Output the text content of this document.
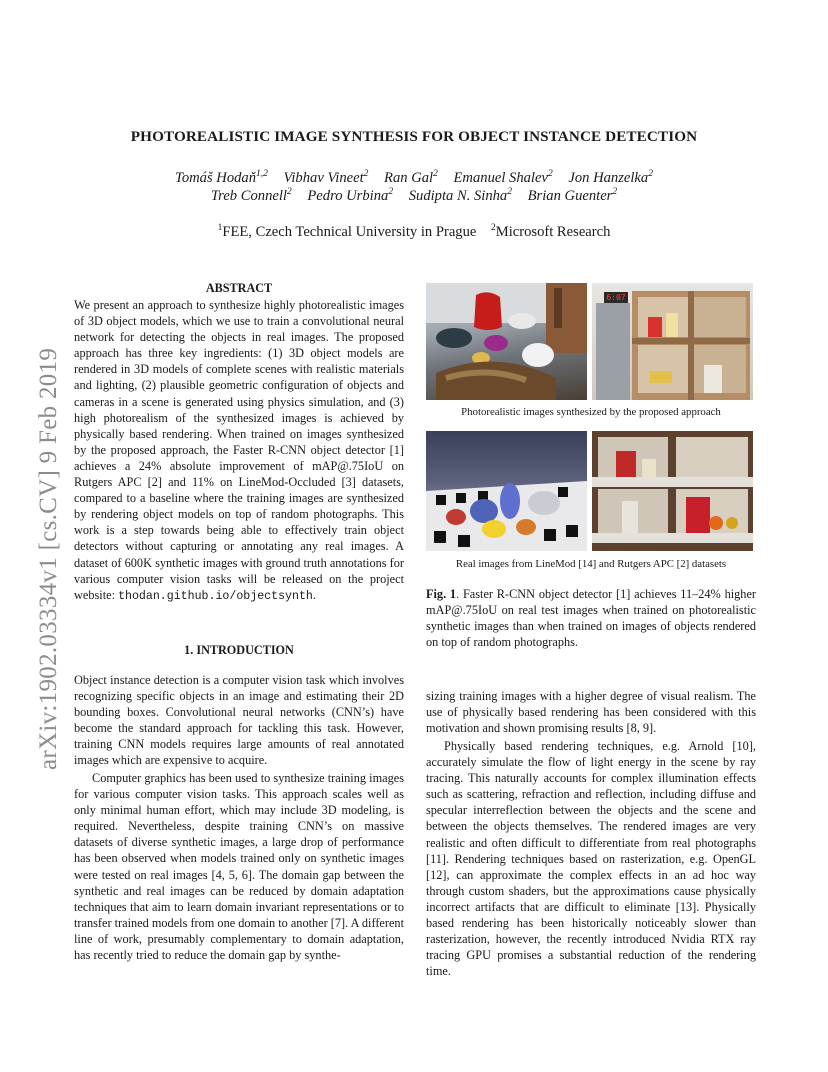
arXiv:1902.03334v1 [cs.CV] 9 Feb 2019
PHOTOREALISTIC IMAGE SYNTHESIS FOR OBJECT INSTANCE DETECTION
Tomáš Hodaň$^{1,2}$ Vibhav Vineet$^2$ Ran Gal$^2$ Emanuel Shalev$^2$ Jon Hanzelka$^2$
Treb Connell$^2$ Pedro Urbina$^2$ Sudipta N. Sinha$^2$ Brian Guenter$^2$
$^1$FEE, Czech Technical University in Prague $^2$Microsoft Research
ABSTRACT
We present an approach to synthesize highly photorealistic images of 3D object models, which we use to train a convolutional neural network for detecting the objects in real images. The proposed approach has three key ingredients: (1) 3D object models are rendered in 3D models of complete scenes with realistic materials and lighting, (2) plausible geometric configuration of objects and cameras in a scene is generated using physics simulation, and (3) high photorealism of the synthesized images is achieved by physically based rendering. When trained on images synthesized by the proposed approach, the Faster R-CNN object detector [1] achieves a 24% absolute improvement of mAP@.75IoU on Rutgers APC [2] and 11% on LineMod-Occluded [3] datasets, compared to a baseline where the training images are synthesized by rendering object models on top of random photographs. This work is a step towards being able to effectively train object detectors without capturing or annotating any real images. A dataset of 600K synthetic images with ground truth annotations for various computer vision tasks will be released on the project website: thodan.github.io/objectsynth.
1. INTRODUCTION
Object instance detection is a computer vision task which involves recognizing specific objects in an image and estimating their 2D bounding boxes. Convolutional neural networks (CNN’s) have become the standard approach for tackling this task. However, training CNN models requires large amounts of real annotated images which are expensive to acquire.
Computer graphics has been used to synthesize training images for various computer vision tasks. This approach scales well as only minimal human effort, which may include 3D modeling, is required. Nevertheless, despite training CNN’s on massive datasets of diverse synthetic images, a large drop of performance has been observed when models trained only on synthetic images were tested on real images [4, 5, 6]. The domain gap between the synthetic and real images can be reduced by domain adaptation techniques that aim to learn domain invariant representations or to transfer trained models from one domain to another [7]. A different line of work, presumably complementary to domain adaptation, has recently tried to reduce the domain gap by synthe-
sizing training images with a higher degree of visual realism. The use of physically based rendering has been considered with this motivation and shown promising results [8, 9].
Physically based rendering techniques, e.g. Arnold [10], accurately simulate the flow of light energy in the scene by ray tracing. This naturally accounts for complex illumination effects such as scattering, refraction and reflection, including diffuse and specular interreflection between the objects and the scene and between the objects themselves. The rendered images are very realistic and often difficult to differentiate from real photographs [11]. Rendering techniques based on rasterization, e.g. OpenGL [12], can approximate the complex effects in an ad hoc way through custom shaders, but the approximations cause physically incorrect artifacts that are difficult to eliminate [13]. Physically based rendering has been historically noticeably slower than rasterization, however, the recently introduced Nvidia RTX ray tracing GPU promises a substantial reduction of the rendering time.
6:07
Photorealistic images synthesized by the proposed approach
Real images from LineMod [14] and Rutgers APC [2] datasets
Fig. 1. Faster R-CNN object detector [1] achieves 11–24% higher mAP@.75IoU on real test images when trained on photorealistic synthetic images than when trained on images of objects rendered on top of random photographs.
